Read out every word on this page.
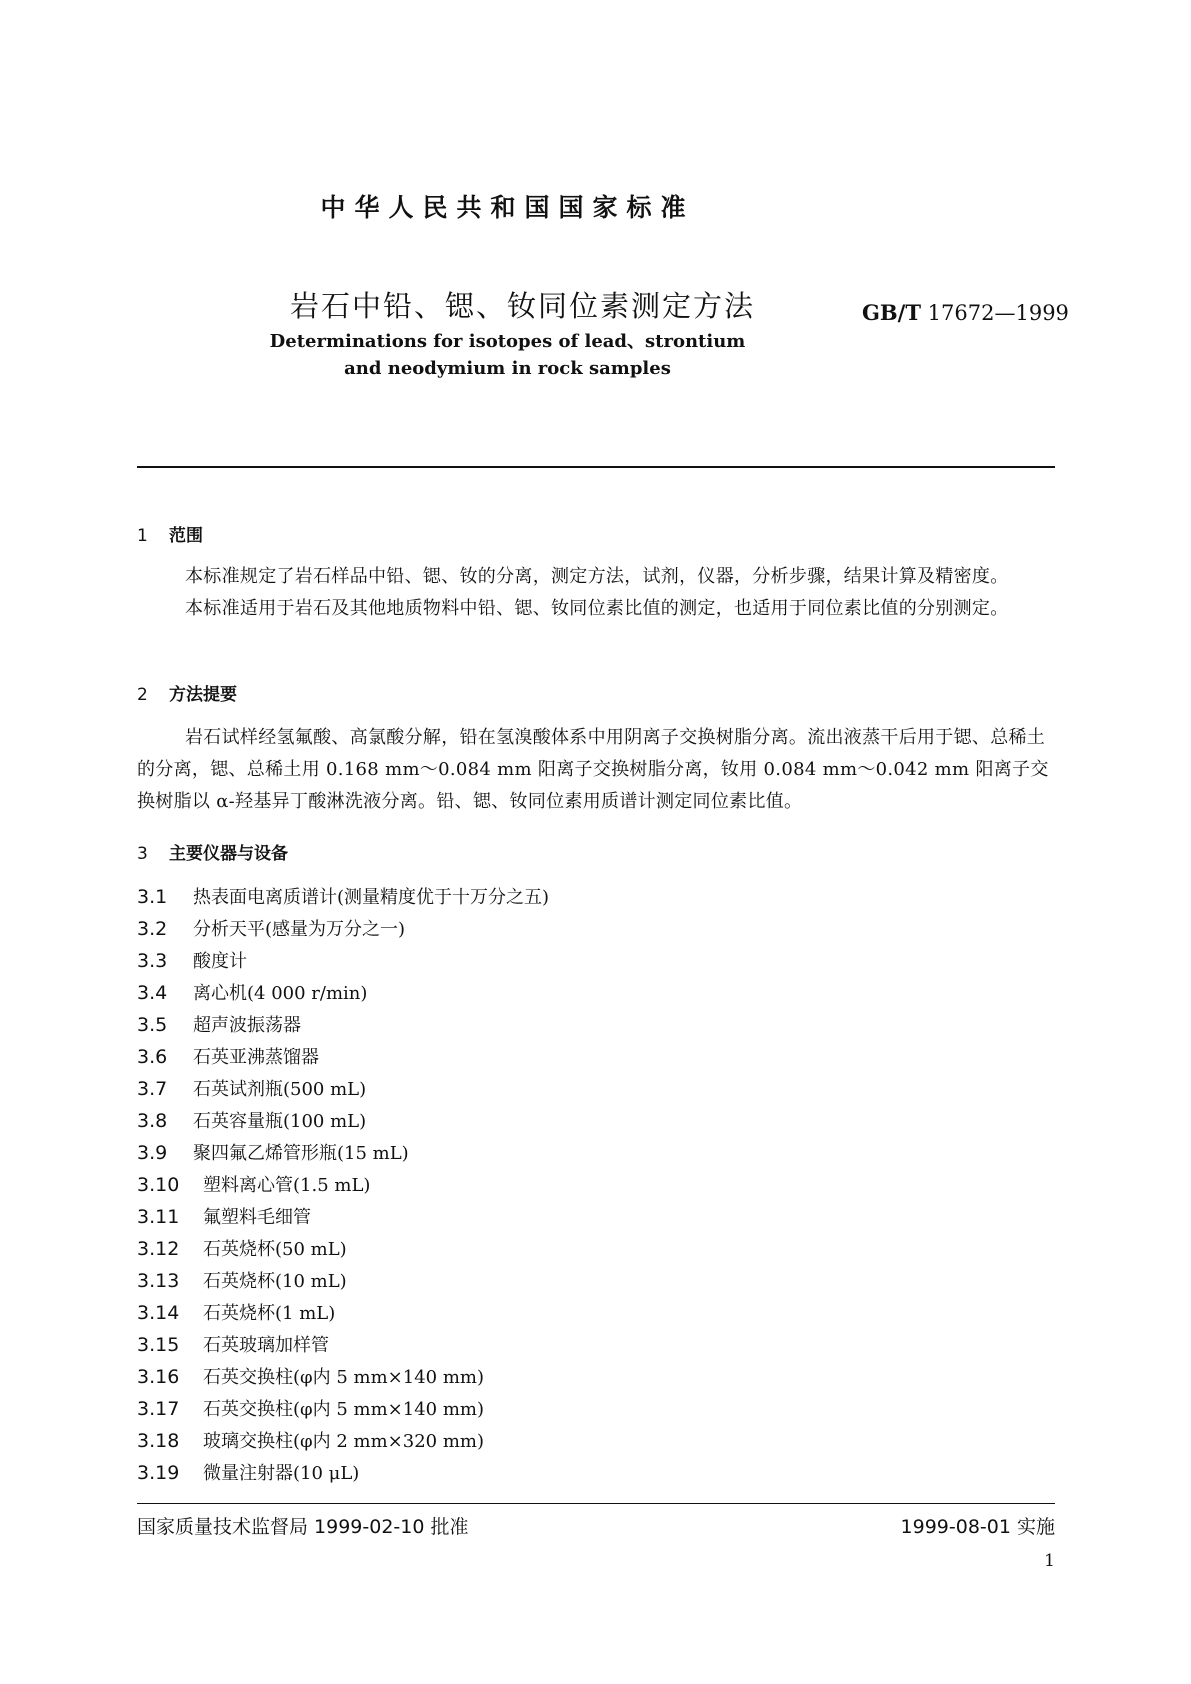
中华人民共和国国家标准
岩石中铅、锶、钕同位素测定方法	GB/T 17672—1999
Determinations for isotopes of lead、strontium
and neodymium in rock samples
1 范围
本标准规定了岩石样品中铅、锶、钕的分离，测定方法，试剂，仪器，分析步骤，结果计算及精密度。
本标准适用于岩石及其他地质物料中铅、锶、钕同位素比值的测定，也适用于同位素比值的分别测定。
2 方法提要
岩石试样经氢氟酸、高氯酸分解，铅在氢溴酸体系中用阴离子交换树脂分离。流出液蒸干后用于锶、总稀土的分离，锶、总稀土用 0.168 mm～0.084 mm 阳离子交换树脂分离，钕用 0.084 mm～0.042 mm 阳离子交换树脂以 α-羟基异丁酸淋洗液分离。铅、锶、钕同位素用质谱计测定同位素比值。
3 主要仪器与设备
3.1 热表面电离质谱计(测量精度优于十万分之五)
3.2 分析天平(感量为万分之一)
3.3 酸度计
3.4 离心机(4 000 r/min)
3.5 超声波振荡器
3.6 石英亚沸蒸馏器
3.7 石英试剂瓶(500 mL)
3.8 石英容量瓶(100 mL)
3.9 聚四氟乙烯管形瓶(15 mL)
3.10 塑料离心管(1.5 mL)
3.11 氟塑料毛细管
3.12 石英烧杯(50 mL)
3.13 石英烧杯(10 mL)
3.14 石英烧杯(1 mL)
3.15 石英玻璃加样管
3.16 石英交换柱(φ内 5 mm×140 mm)
3.17 石英交换柱(φ内 5 mm×140 mm)
3.18 玻璃交换柱(φ内 2 mm×320 mm)
3.19 微量注射器(10 μL)
国家质量技术监督局 1999-02-10 批准	1999-08-01 实施
1
